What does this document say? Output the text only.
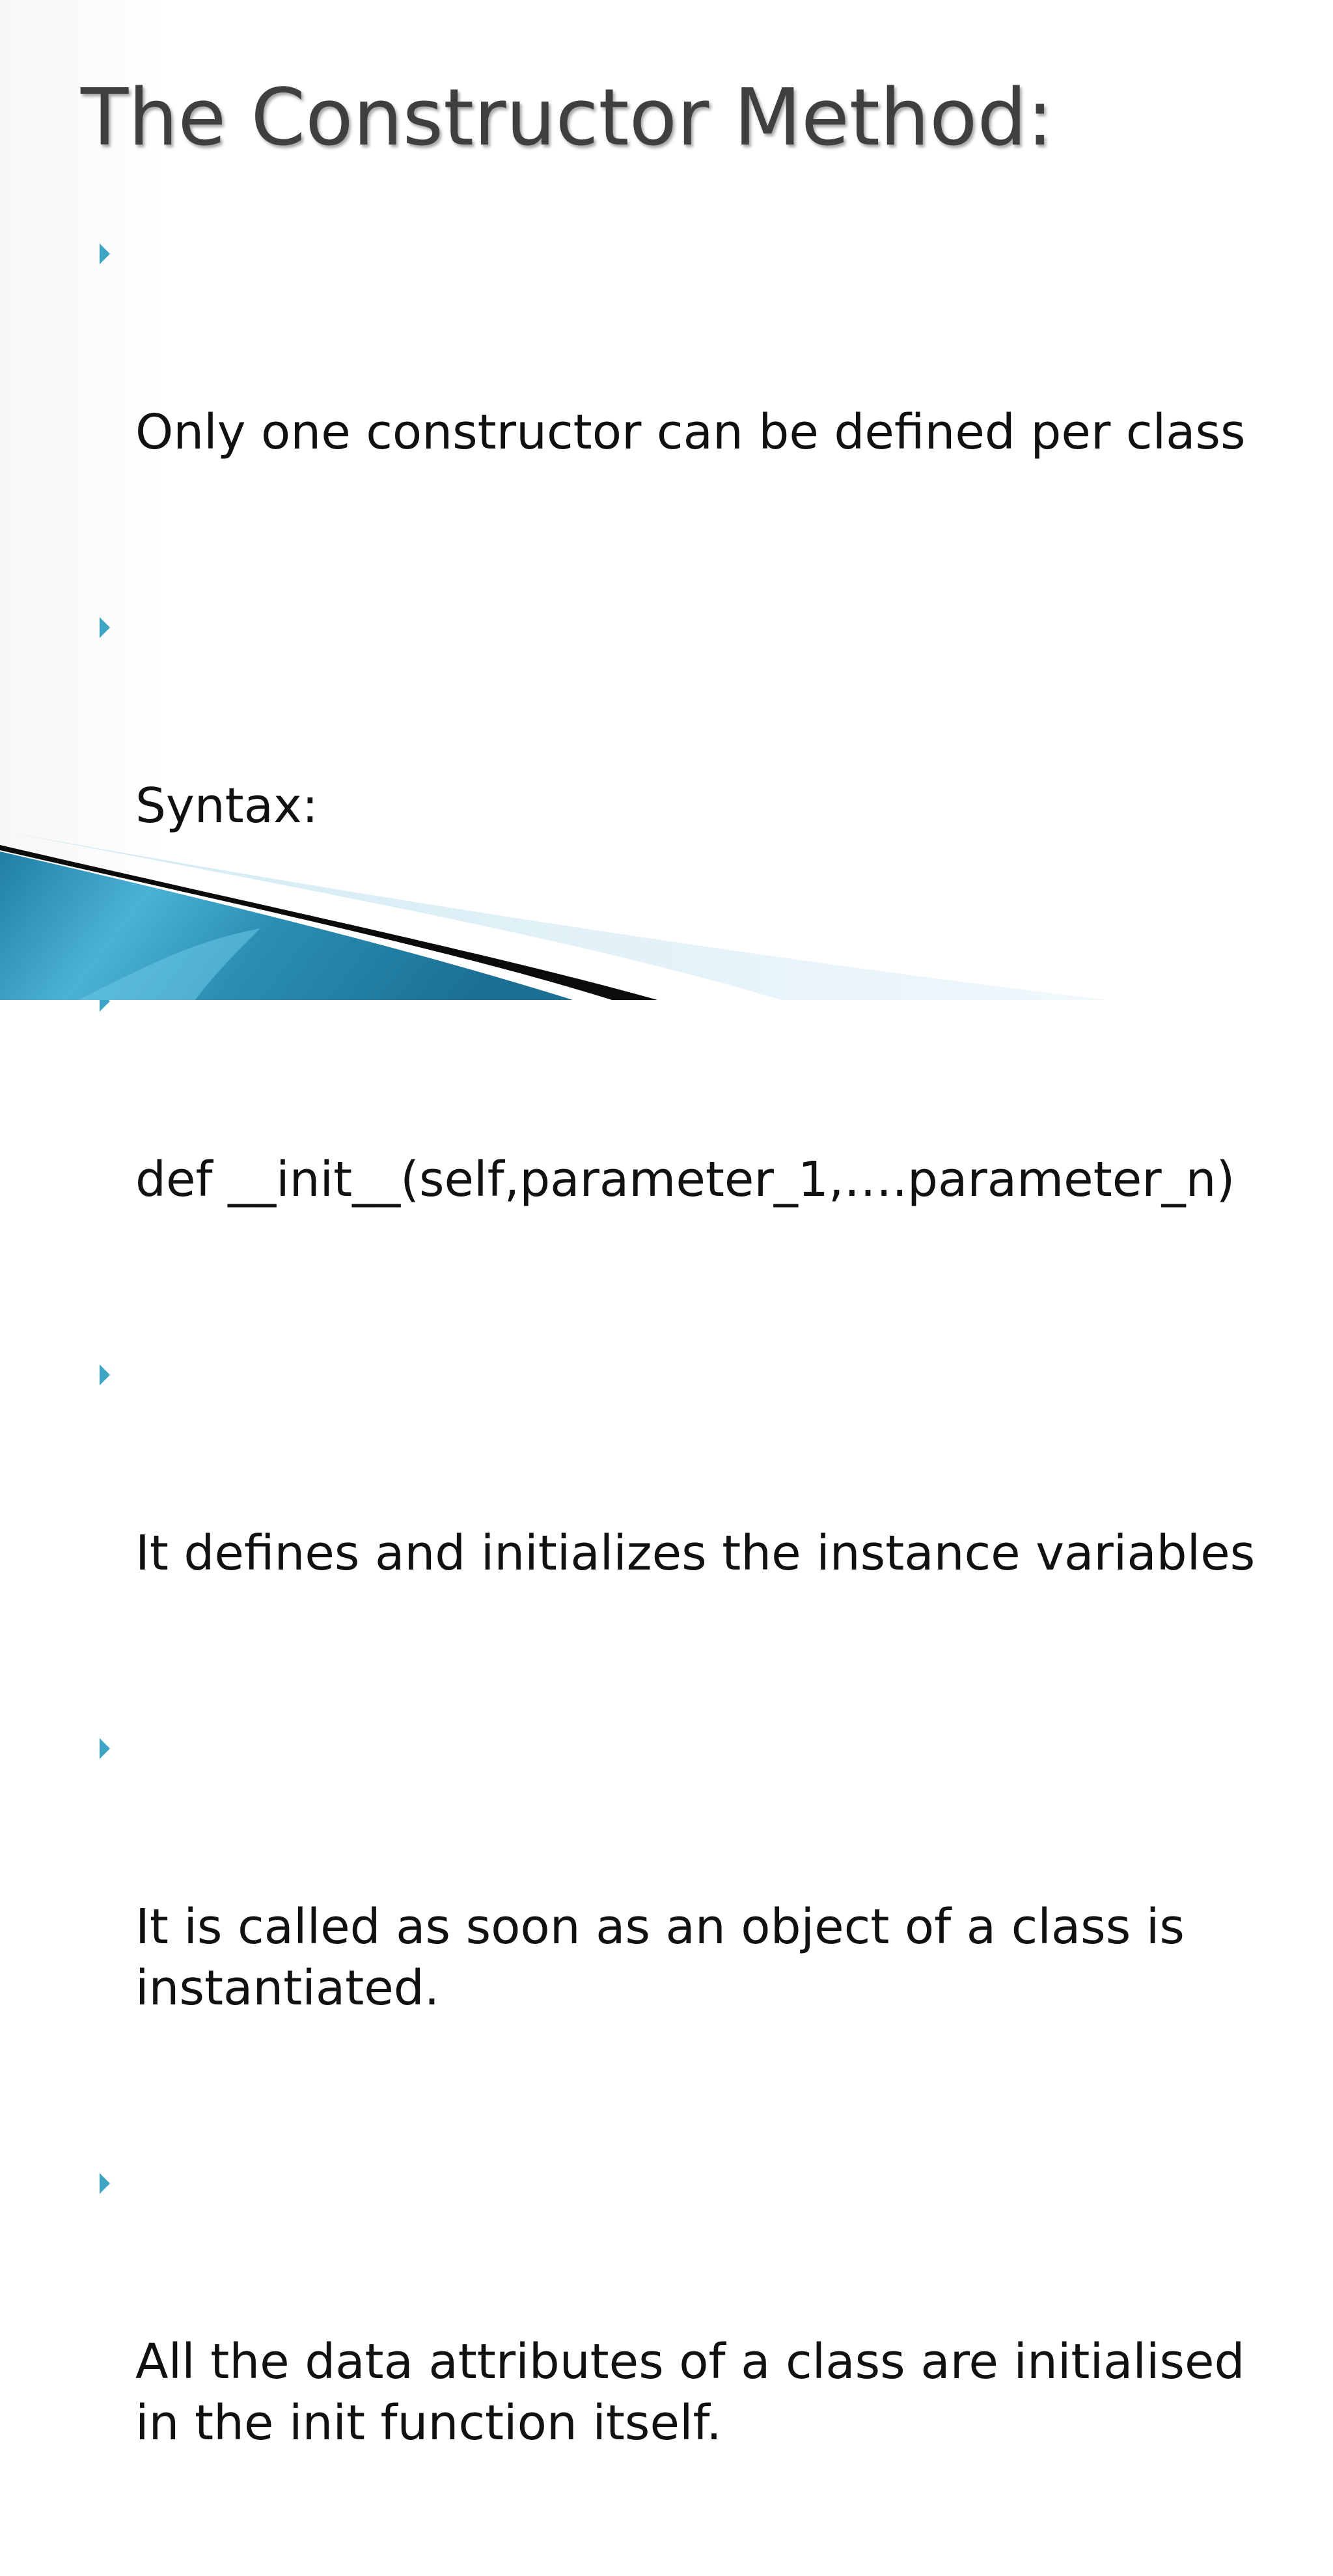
The Constructor Method:

Only one constructor can be defined per class

Syntax:

def __init__(self,parameter_1,….parameter_n)

It defines and initializes the instance variables

It is called as soon as an object of a class is
instantiated.

All the data attributes of a class are initialised
in the init function itself.
